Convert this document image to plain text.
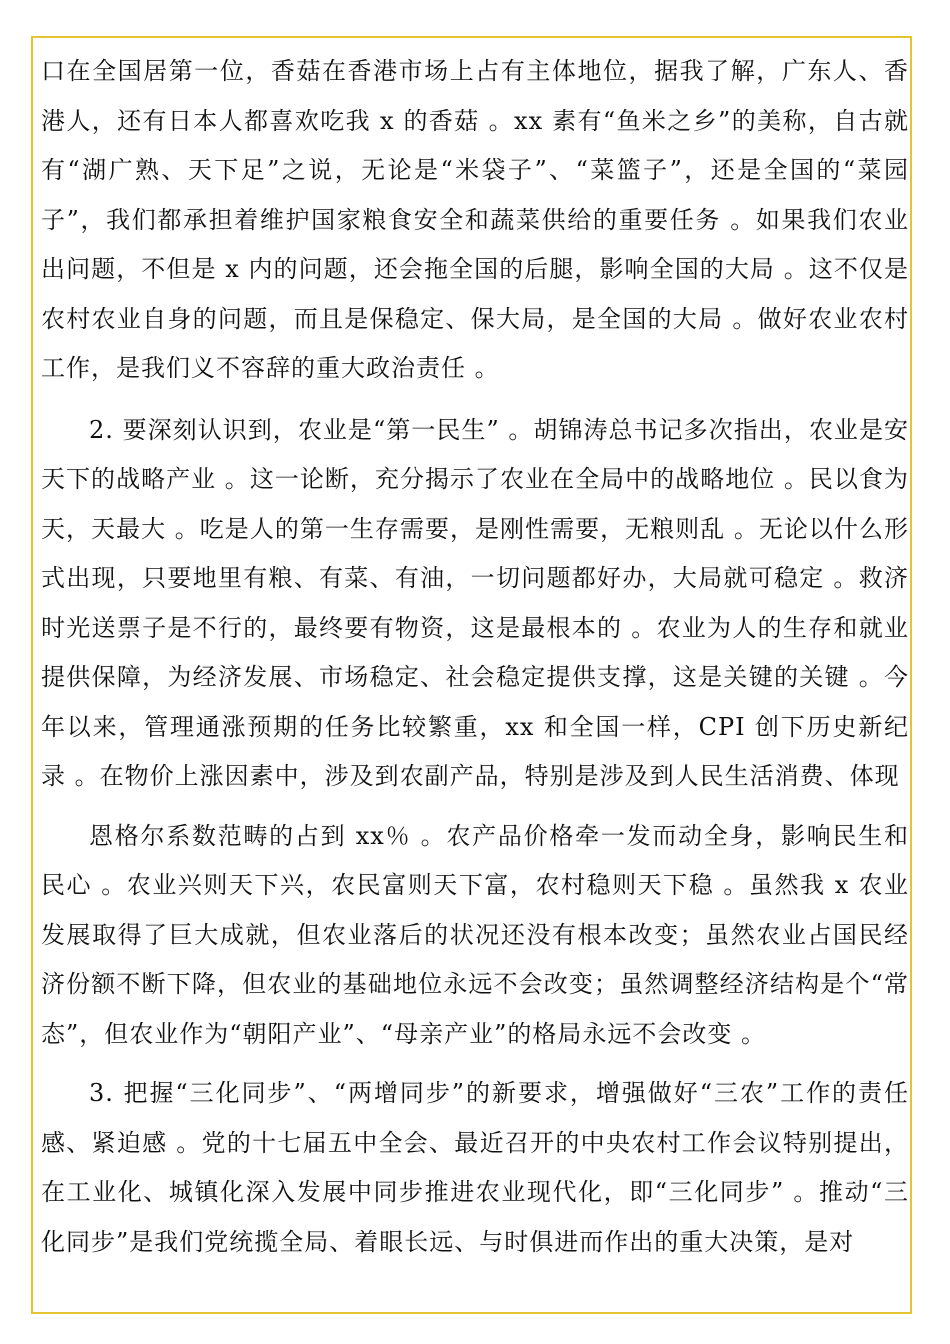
口在全国居第一位，香菇在香港市场上占有主体地位，据我了解，广东人、香港人，还有日本人都喜欢吃我 x 的香菇 。xx 素有“鱼米之乡”的美称，自古就有“湖广熟、天下足”之说，无论是“米袋子”、“菜篮子”，还是全国的“菜园子”，我们都承担着维护国家粮食安全和蔬菜供给的重要任务 。如果我们农业出问题，不但是 x 内的问题，还会拖全国的后腿，影响全国的大局 。这不仅是农村农业自身的问题，而且是保稳定、保大局，是全国的大局 。做好农业农村工作，是我们义不容辞的重大政治责任 。

2. 要深刻认识到，农业是“第一民生” 。胡锦涛总书记多次指出，农业是安天下的战略产业 。这一论断，充分揭示了农业在全局中的战略地位 。民以食为天，天最大 。吃是人的第一生存需要，是刚性需要，无粮则乱 。无论以什么形式出现，只要地里有粮、有菜、有油，一切问题都好办，大局就可稳定 。救济时光送票子是不行的，最终要有物资，这是最根本的 。农业为人的生存和就业提供保障，为经济发展、市场稳定、社会稳定提供支撑，这是关键的关键 。今年以来，管理通涨预期的任务比较繁重，xx 和全国一样，CPI 创下历史新纪录 。在物价上涨因素中，涉及到农副产品，特别是涉及到人民生活消费、体现

恩格尔系数范畴的占到 xx％ 。农产品价格牵一发而动全身，影响民生和民心 。农业兴则天下兴，农民富则天下富，农村稳则天下稳 。虽然我 x 农业发展取得了巨大成就，但农业落后的状况还没有根本改变；虽然农业占国民经济份额不断下降，但农业的基础地位永远不会改变；虽然调整经济结构是个“常态”，但农业作为“朝阳产业”、“母亲产业”的格局永远不会改变 。

3. 把握“三化同步”、“两增同步”的新要求，增强做好“三农”工作的责任感、紧迫感 。党的十七届五中全会、最近召开的中央农村工作会议特别提出，在工业化、城镇化深入发展中同步推进农业现代化，即“三化同步” 。推动“三化同步”是我们党统揽全局、着眼长远、与时俱进而作出的重大决策，是对
